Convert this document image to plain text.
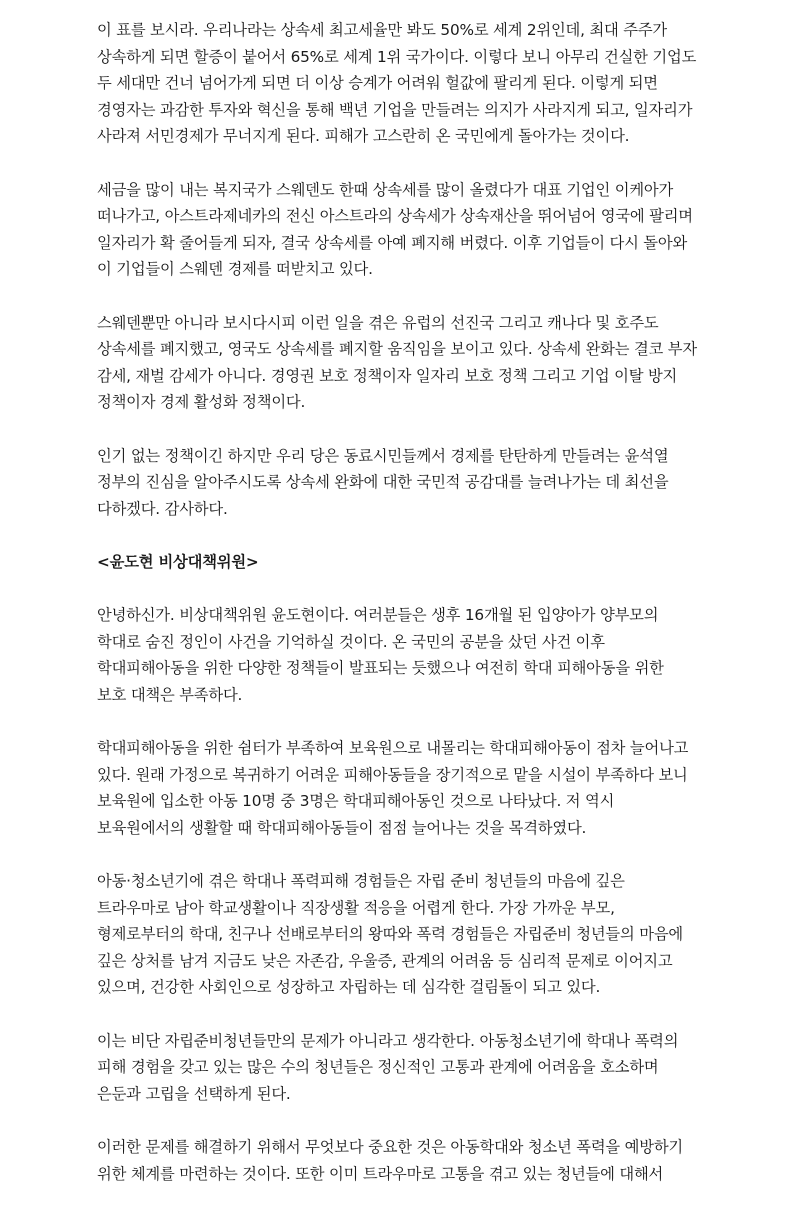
이 표를 보시라. 우리나라는 상속세 최고세율만 봐도 50%로 세계 2위인데, 최대 주주가 상속하게 되면 할증이 붙어서 65%로 세계 1위 국가이다. 이렇다 보니 아무리 건실한 기업도 두 세대만 건너 넘어가게 되면 더 이상 승계가 어려워 헐값에 팔리게 된다. 이렇게 되면 경영자는 과감한 투자와 혁신을 통해 백년 기업을 만들려는 의지가 사라지게 되고, 일자리가 사라져 서민경제가 무너지게 된다. 피해가 고스란히 온 국민에게 돌아가는 것이다.

세금을 많이 내는 복지국가 스웨덴도 한때 상속세를 많이 올렸다가 대표 기업인 이케아가 떠나가고, 아스트라제네카의 전신 아스트라의 상속세가 상속재산을 뛰어넘어 영국에 팔리며 일자리가 확 줄어들게 되자, 결국 상속세를 아예 폐지해 버렸다. 이후 기업들이 다시 돌아와 이 기업들이 스웨덴 경제를 떠받치고 있다.

스웨덴뿐만 아니라 보시다시피 이런 일을 겪은 유럽의 선진국 그리고 캐나다 및 호주도 상속세를 폐지했고, 영국도 상속세를 폐지할 움직임을 보이고 있다. 상속세 완화는 결코 부자 감세, 재벌 감세가 아니다. 경영권 보호 정책이자 일자리 보호 정책 그리고 기업 이탈 방지 정책이자 경제 활성화 정책이다.

인기 없는 정책이긴 하지만 우리 당은 동료시민들께서 경제를 탄탄하게 만들려는 윤석열 정부의 진심을 알아주시도록 상속세 완화에 대한 국민적 공감대를 늘려나가는 데 최선을 다하겠다. 감사하다.

<윤도현 비상대책위원>

안녕하신가. 비상대책위원 윤도현이다. 여러분들은 생후 16개월 된 입양아가 양부모의 학대로 숨진 정인이 사건을 기억하실 것이다. 온 국민의 공분을 샀던 사건 이후 학대피해아동을 위한 다양한 정책들이 발표되는 듯했으나 여전히 학대 피해아동을 위한 보호 대책은 부족하다.

학대피해아동을 위한 쉼터가 부족하여 보육원으로 내몰리는 학대피해아동이 점차 늘어나고 있다. 원래 가정으로 복귀하기 어려운 피해아동들을 장기적으로 맡을 시설이 부족하다 보니 보육원에 입소한 아동 10명 중 3명은 학대피해아동인 것으로 나타났다. 저 역시 보육원에서의 생활할 때 학대피해아동들이 점점 늘어나는 것을 목격하였다.

아동·청소년기에 겪은 학대나 폭력피해 경험들은 자립 준비 청년들의 마음에 깊은 트라우마로 남아 학교생활이나 직장생활 적응을 어렵게 한다. 가장 가까운 부모, 형제로부터의 학대, 친구나 선배로부터의 왕따와 폭력 경험들은 자립준비 청년들의 마음에 깊은 상처를 남겨 지금도 낮은 자존감, 우울증, 관계의 어려움 등 심리적 문제로 이어지고 있으며, 건강한 사회인으로 성장하고 자립하는 데 심각한 걸림돌이 되고 있다.

이는 비단 자립준비청년들만의 문제가 아니라고 생각한다. 아동청소년기에 학대나 폭력의 피해 경험을 갖고 있는 많은 수의 청년들은 정신적인 고통과 관계에 어려움을 호소하며 은둔과 고립을 선택하게 된다.

이러한 문제를 해결하기 위해서 무엇보다 중요한 것은 아동학대와 청소년 폭력을 예방하기 위한 체계를 마련하는 것이다. 또한 이미 트라우마로 고통을 겪고 있는 청년들에 대해서
